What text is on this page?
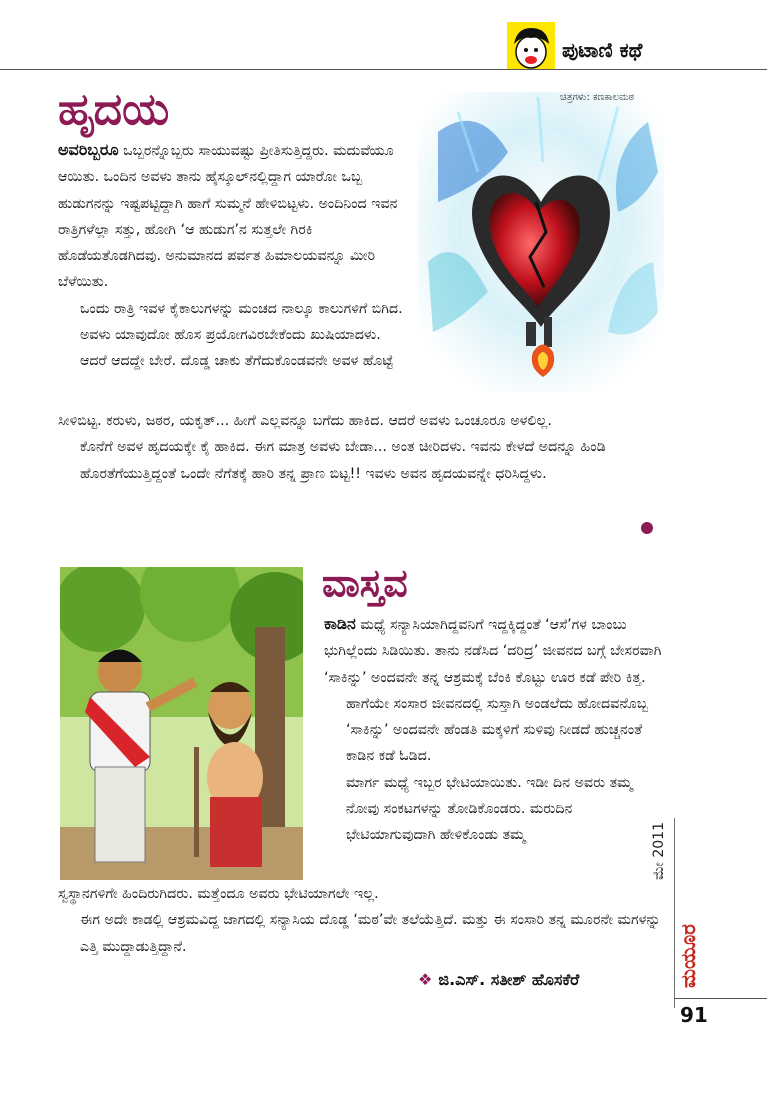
ಪುಟಾಣಿ ಕಥೆ
ಹೃದಯ	ಚಿತ್ರಗಳು: ಕಣಕಾಲಮಠ

ಅವರಿಬ್ಬರೂ ಒಬ್ಬರನ್ನೊಬ್ಬರು ಸಾಯುವಷ್ಟು ಪ್ರೀತಿಸುತ್ತಿದ್ದರು. ಮದುವೆಯೂ ಆಯಿತು. ಒಂದಿನ ಅವಳು ತಾನು ಹೈಸ್ಕೂಲ್‌ನಲ್ಲಿದ್ದಾಗ ಯಾರೋ ಒಬ್ಬ ಹುಡುಗನನ್ನು ಇಷ್ಟಪಟ್ಟಿದ್ದಾಗಿ ಹಾಗೆ ಸುಮ್ಮನೆ ಹೇಳಿಬಿಟ್ಟಳು. ಅಂದಿನಿಂದ ಇವನ ರಾತ್ರಿಗಳೆಲ್ಲಾ ಸತ್ತು, ಹೋಗಿ ‘ಆ ಹುಡುಗ’ನ ಸುತ್ತಲೇ ಗಿರಕಿ ಹೊಡೆಯತೊಡಗಿದವು. ಅನುಮಾನದ ಪರ್ವತ ಹಿಮಾಲಯವನ್ನೂ ಮೀರಿ ಬೆಳೆಯಿತು.

ಒಂದು ರಾತ್ರಿ ಇವಳ ಕೈಕಾಲುಗಳನ್ನು ಮಂಚದ ನಾಲ್ಕೂ ಕಾಲುಗಳಿಗೆ ಬಿಗಿದ. ಅವಳು ಯಾವುದೋ ಹೊಸ ಪ್ರಯೋಗವಿರಬೇಕೆಂದು ಖುಷಿಯಾದಳು. ಆದರೆ ಆದದ್ದೇ ಬೇರೆ. ದೊಡ್ಡ ಚಾಕು ತೆಗೆದುಕೊಂಡವನೇ ಅವಳ ಹೊಟ್ಟೆ

ಸೀಳಿಬಿಟ್ಟ. ಕರುಳು, ಜಠರ, ಯಕೃತ್... ಹೀಗೆ ಎಲ್ಲವನ್ನೂ ಬಗೆದು ಹಾಕಿದ. ಆದರೆ ಅವಳು ಒಂಚೂರೂ ಅಳಲಿಲ್ಲ.

ಕೊನೆಗೆ ಅವಳ ಹೃದಯಕ್ಕೇ ಕೈ ಹಾಕಿದ. ಈಗ ಮಾತ್ರ ಅವಳು ಬೇಡಾ... ಅಂತ ಚೀರಿದಳು. ಇವನು ಕೇಳದೆ ಅದನ್ನೂ ಹಿಂಡಿ ಹೊರತೆಗೆಯುತ್ತಿದ್ದಂತೆ ಒಂದೇ ನೆಗೆತಕ್ಕೆ ಹಾರಿ ತನ್ನ ಪ್ರಾಣ ಬಿಟ್ಟ!! ಇವಳು ಅವನ ಹೃದಯವನ್ನೇ ಧರಿಸಿದ್ದಳು.

ವಾಸ್ತವ

ಕಾಡಿನ ಮಧ್ಯೆ ಸನ್ಯಾಸಿಯಾಗಿದ್ದವನಿಗೆ ಇದ್ದಕ್ಕಿದ್ದಂತೆ ‘ಆಸೆ’ಗಳ ಬಾಂಬು ಭುಗಿಲ್ಲೆಂದು ಸಿಡಿಯಿತು. ತಾನು ನಡೆಸಿದ ‘ದರಿದ್ರ’ ಜೀವನದ ಬಗ್ಗೆ ಬೇಸರವಾಗಿ ‘ಸಾಕಿನ್ನು’ ಅಂದವನೇ ತನ್ನ ಆಶ್ರಮಕ್ಕೆ ಬೆಂಕಿ ಕೊಟ್ಟು ಊರ ಕಡೆ ಪೇರಿ ಕಿತ್ತ.

ಹಾಗೆಯೇ ಸಂಸಾರ ಜೀವನದಲ್ಲಿ ಸುಸ್ತಾಗಿ ಅಂಡಲೆದು ಹೋದವನೊಬ್ಬ ‘ಸಾಕಿನ್ನು’ ಅಂದವನೇ ಹೆಂಡತಿ ಮಕ್ಕಳಿಗೆ ಸುಳಿವು ನೀಡದೆ ಹುಚ್ಚನಂತೆ ಕಾಡಿನ ಕಡೆ ಓಡಿದ.

ಮಾರ್ಗ ಮಧ್ಯೆ ಇಬ್ಬರ ಭೇಟಿಯಾಯಿತು. ಇಡೀ ದಿನ ಅವರು ತಮ್ಮ ನೋವು ಸಂಕಟಗಳನ್ನು ತೋಡಿಕೊಂಡರು. ಮರುದಿನ ಭೇಟಿಯಾಗುವುದಾಗಿ ಹೇಳಿಕೊಂಡು ತಮ್ಮ

ಸ್ವಸ್ಥಾನಗಳಿಗೇ ಹಿಂದಿರುಗಿದರು. ಮತ್ತೆಂದೂ ಅವರು ಭೇಟಿಯಾಗಲೇ ಇಲ್ಲ.

ಈಗ ಅದೇ ಕಾಡಲ್ಲಿ ಆಶ್ರಮವಿದ್ದ ಜಾಗದಲ್ಲಿ ಸನ್ಯಾಸಿಯ ದೊಡ್ಡ ‘ಮಠ’ವೇ ತಲೆಯೆತ್ತಿದೆ. ಮತ್ತು ಈ ಸಂಸಾರಿ ತನ್ನ ಮೂರನೇ ಮಗಳನ್ನು ಎತ್ತಿ ಮುದ್ದಾಡುತ್ತಿದ್ದಾನೆ.

❖ ಜಿ.ಎಸ್. ಸತೀಶ್ ಹೊಸಕೆರೆ
ಮೇ 2011
ಮಯೂರ
91
